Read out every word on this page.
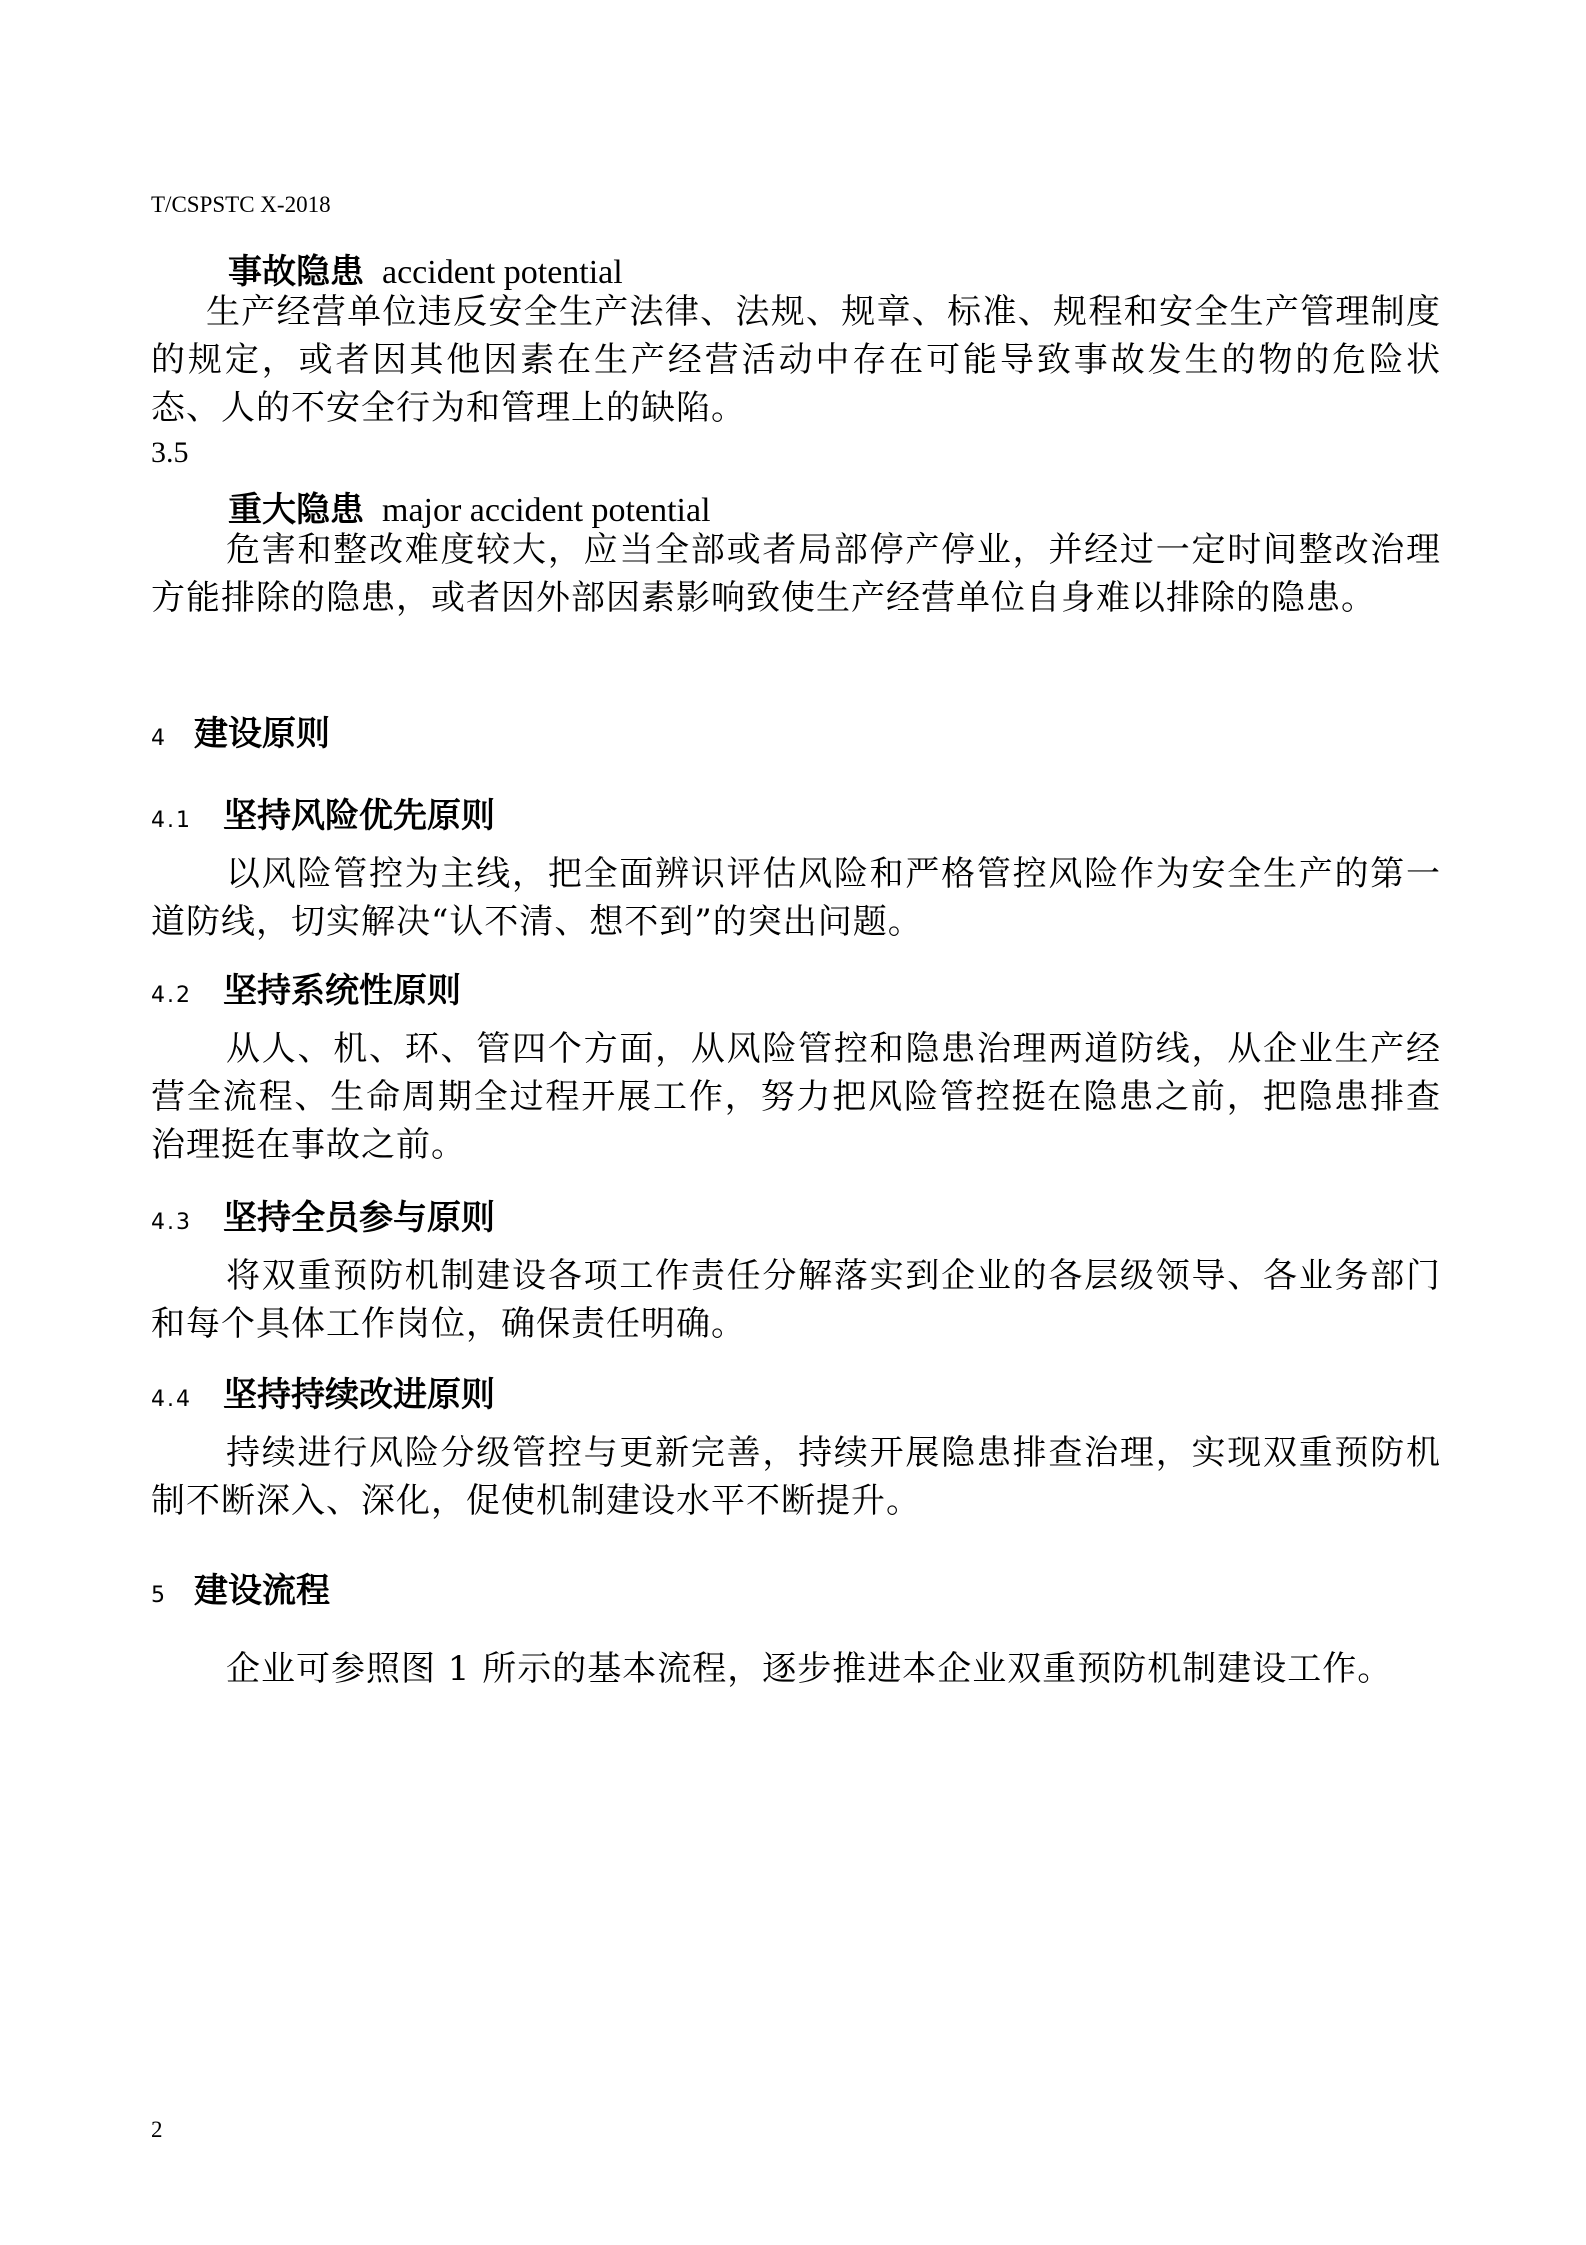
T/CSPSTC X-2018
事故隐患 accident potential
生产经营单位违反安全生产法律、法规、规章、标准、规程和安全生产管理制度的规定，或者因其他因素在生产经营活动中存在可能导致事故发生的物的危险状态、人的不安全行为和管理上的缺陷。
3.5
重大隐患 major accident potential
危害和整改难度较大，应当全部或者局部停产停业，并经过一定时间整改治理方能排除的隐患，或者因外部因素影响致使生产经营单位自身难以排除的隐患。
4 建设原则
4.1 坚持风险优先原则
以风险管控为主线，把全面辨识评估风险和严格管控风险作为安全生产的第一道防线，切实解决“认不清、想不到”的突出问题。
4.2 坚持系统性原则
从人、机、环、管四个方面，从风险管控和隐患治理两道防线，从企业生产经营全流程、生命周期全过程开展工作，努力把风险管控挺在隐患之前，把隐患排查治理挺在事故之前。
4.3 坚持全员参与原则
将双重预防机制建设各项工作责任分解落实到企业的各层级领导、各业务部门和每个具体工作岗位，确保责任明确。
4.4 坚持持续改进原则
持续进行风险分级管控与更新完善，持续开展隐患排查治理，实现双重预防机制不断深入、深化，促使机制建设水平不断提升。
5 建设流程
企业可参照图 1 所示的基本流程，逐步推进本企业双重预防机制建设工作。
2
